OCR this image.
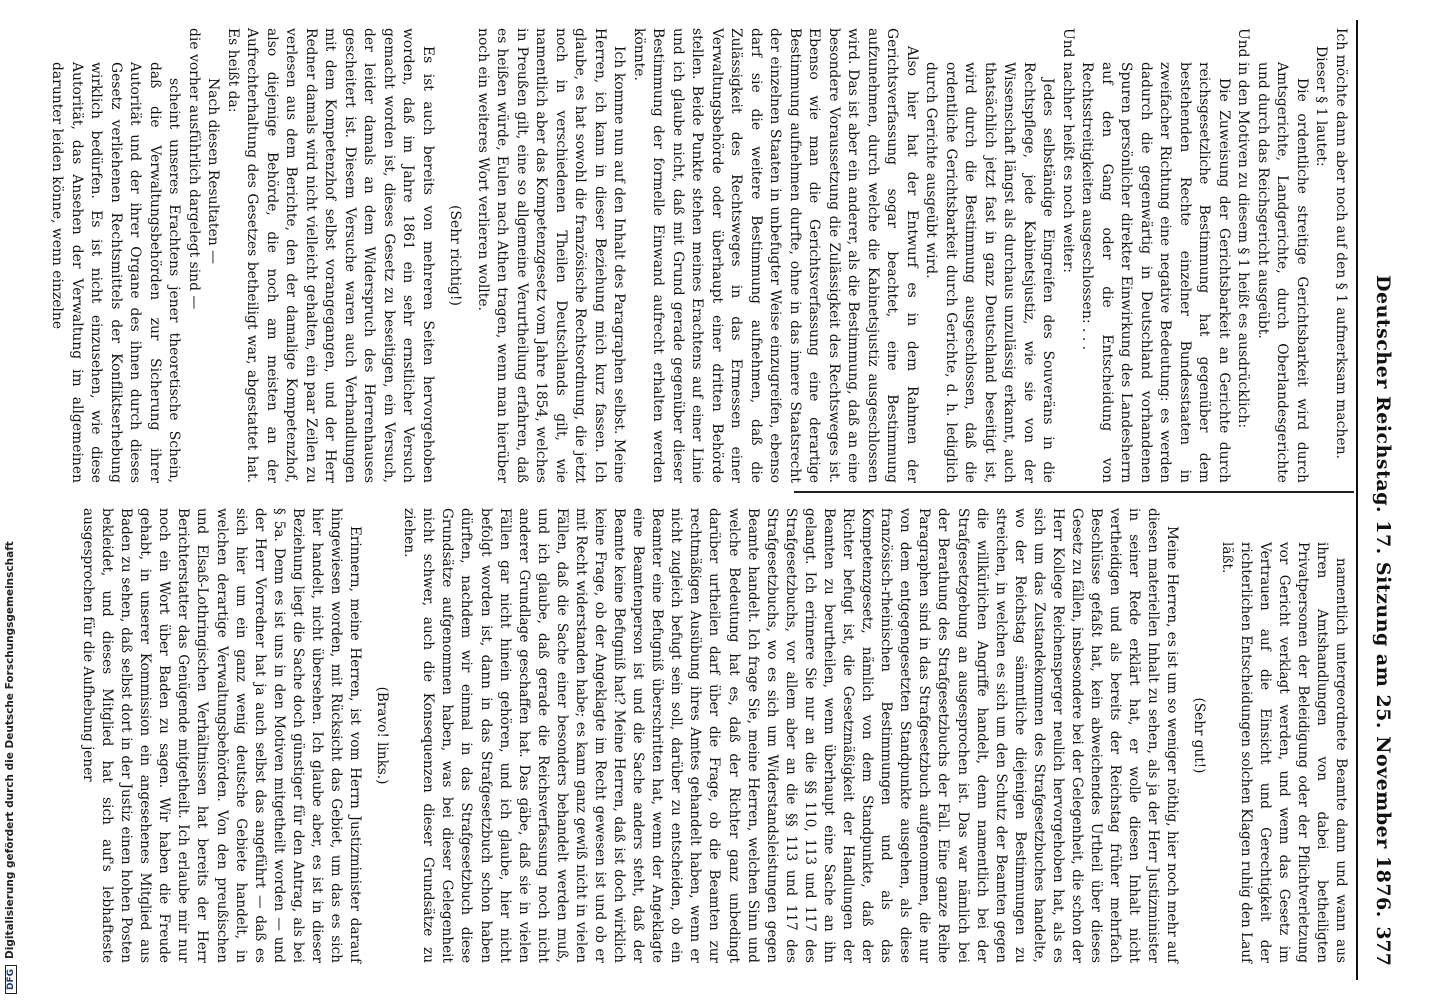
Deutscher Reichstag. 17. Sitzung am 25. November 1876.
377

Ich möchte dann aber noch auf den § 1 aufmerksam machen.

Dieser § 1 lautet:

Die ordentliche streitige Gerichtsbarkeit wird durch Amtsgerichte, Landgerichte, durch Oberlandesgerichte und durch das Reichsgericht ausgeübt.

Und in den Motiven zu diesem § 1 heißt es ausdrücklich:

Die Zuweisung der Gerichtsbarkeit an Gerichte durch reichsgesetzliche Bestimmung hat gegenüber dem bestehenden Rechte einzelner Bundesstaaten in zweifacher Richtung eine negative Bedeutung: es werden dadurch die gegenwärtig in Deutschland vorhandenen Spuren persönlicher direkter Einwirkung des Landesherrn auf den Gang oder die Entscheidung von Rechtsstreitigkeiten ausgeschlossen: . . .

Und nachher heißt es noch weiter:

Jedes selbständige Eingreifen des Souveräns in die Rechtspflege, jede Kabinetsjustiz, wie sie von der Wissenschaft längst als durchaus unzulässig erkannt, auch thatsächlich jetzt fast in ganz Deutschland beseitigt ist, wird durch die Bestimmung ausgeschlossen, daß die ordentliche Gerichtsbarkeit durch Gerichte, d. h. lediglich durch Gerichte ausgeübt wird.

Also hier hat der Entwurf es in dem Rahmen der Gerichtsverfassung sogar beachtet, eine Bestimmung aufzunehmen, durch welche die Kabinetsjustiz ausgeschlossen wird. Das ist aber ein anderer, als die Bestimmung, daß an eine besondere Voraussetzung die Zulässigkeit des Rechtsweges ist. Ebenso wie man die Gerichtsverfassung eine derartige Bestimmung aufnehmen durfte, ohne in das innere Staatsrecht der einzelnen Staaten in unbefugter Weise einzugreifen, ebenso darf sie die weitere Bestimmung aufnehmen, daß die Zulässigkeit des Rechtsweges in das Ermessen einer Verwaltungsbehörde oder überhaupt einer dritten Behörde stellen. Beide Punkte stehen meines Erachtens auf einer Linie und ich glaube nicht, daß mit Grund gerade gegenüber dieser Bestimmung der formelle Einwand aufrecht erhalten werden könnte.

Ich komme nun auf den Inhalt des Paragraphen selbst. Meine Herren, ich kann in dieser Beziehung mich kurz fassen. Ich glaube, es hat sowohl die französische Rechtsordnung, die jetzt noch in verschiedenen Theilen Deutschlands gilt, wie namentlich aber das Kompetenzgesetz vom Jahre 1854, welches in Preußen gilt, eine so allgemeine Verurtheilung erfahren, daß es heißen würde, Eulen nach Athen tragen, wenn man hierüber noch ein weiteres Wort verlieren wollte.

(Sehr richtig!)

Es ist auch bereits von mehreren Seiten hervorgehoben worden, daß im Jahre 1861 ein sehr ernstlicher Versuch gemacht worden ist, dieses Gesetz zu beseitigen, ein Versuch, der leider damals an dem Widerspruch des Herrenhauses gescheitert ist. Diesem Versuche waren auch Verhandlungen mit dem Kompetenzhof selbst vorangegangen, und der Herr Redner damals wird nicht vielleicht gehalten, ein paar Zeilen zu verlesen aus dem Berichte, den der damalige Kompetenzhof, also diejenige Behörde, die noch am meisten an der Aufrechterhaltung des Gesetzes betheiligt war, abgestattet hat. Es heißt da:

Nach diesen Resultaten —

die vorher ausführlich dargelegt sind —

scheint unseres Erachtens jener theoretische Schein, daß die Verwaltungsbehörden zur Sicherung ihrer Autorität und der ihrer Organe des ihnen durch dieses Gesetz verliehenen Rechtsmittels der Konfliktserhebung wirklich bedürfen. Es ist nicht einzusehen, wie diese Autorität, das Ansehen der Verwaltung im allgemeinen darunter leiden könne, wenn einzelne

namentlich untergeordnete Beamte dann und wann aus ihren Amtshandlungen von dabei betheiligten Privatpersonen der Beleidigung oder der Pflichtverletzung vor Gericht verklagt werden, und wenn das Gesetz im Vertrauen auf die Einsicht und Gerechtigkeit der richterlichen Entscheidungen solchen Klagen ruhig den Lauf läßt.

(Sehr gut!)

Meine Herren, es ist um so weniger nöthig, hier noch mehr auf diesen materiellen Inhalt zu sehen, als ja der Herr Justizminister in seiner Rede erklärt hat, er wolle diesen Inhalt nicht vertheidigen und als bereits der Reichstag früher mehrfach Beschlüsse gefaßt hat, kein abweichendes Urtheil über dieses Gesetz zu fällen, insbesondere bei der Gelegenheit, die schon der Herr Kollege Reichensperger neulich hervorgehoben hat, als es sich um das Zustandekommen des Strafgesetzbuches handelte, wo der Reichstag sämmtliche diejenigen Bestimmungen zu streichen, in welchen es sich um den Schutz der Beamten gegen die willkürlichen Angriffe handelt, denn namentlich bei der Strafgesetzgebung an ausgesprochen ist. Das war nämlich bei der Berathung des Strafgesetzbuchs der Fall. Eine ganze Reihe Paragraphen sind in das Strafgesetzbuch aufgenommen, die nur von dem entgegengesetzten Standpunkte ausgehen, als diese französisch-rheinischen Bestimmungen und als das Kompetenzgesetz, nämlich von dem Standpunkte, daß der Richter befugt ist, die Gesetzmäßigkeit der Handlungen der Beamten zu beurtheilen, wenn überhaupt eine Sache an ihn gelangt. Ich erinnere Sie nur an die §§ 110, 113 und 117 des Strafgesetzbuchs, vor allem aber an die §§ 113 und 117 des Strafgesetzbuchs, wo es sich um Widerstandsleistungen gegen Beamte handelt. Ich frage Sie, meine Herren, welchen Sinn und welche Bedeutung hat es, daß der Richter ganz unbedingt darüber urtheilen darf über die Frage, ob die Beamten zur rechtmäßigen Ausübung ihres Amtes gehandelt haben, wenn er nicht zugleich befugt sein soll, darüber zu entscheiden, ob ein Beamter eine Befugniß überschritten hat, wenn der Angeklagte eine Beamtenperson ist und die Sache anders steht, daß der Beamte keine Befugniß hat? Meine Herren, daß ist doch wirklich keine Frage, ob der Angeklagte im Recht gewesen ist und ob er mit Recht widerstanden habe; es kann ganz gewiß nicht in vielen Fällen, daß die Sache einer besonders behandelt werden muß, und ich glaube, daß gerade die Reichsverfassung noch nicht anderer Grundlage geschaffen hat. Das gäbe, daß sie in vielen Fällen gar nicht hinein gehören, und ich glaube, hier nicht befolgt worden ist, dann in das Strafgesetzbuch schon haben dürften, nachdem wir einmal in das Strafgesetzbuch diese Grundsätze aufgenommen haben, was bei dieser Gelegenheit nicht schwer, auch die Konsequenzen dieser Grundsätze zu ziehen.

(Bravo! links.)

Erinnern, meine Herren, ist vom Herrn Justizminister darauf hingewiesen worden, mit Rücksicht das Gebiet, um das es sich hier handelt, nicht übersehen. Ich glaube aber, es ist in dieser Beziehung liegt die Sache doch günstiger für den Antrag, als bei § 5a. Denn es ist uns in den Motiven mitgetheilt worden — und der Herr Vorredner hat ja auch selbst das angeführt — daß es sich hier um ein ganz wenig deutsche Gebiete handelt, in welchen derartige Verwaltungsbehörden. Von den preußischen und Elsaß-Lothringischen Verhältnissen hat bereits der Herr Berichterstatter das Genügende mitgetheilt. Ich erlaube mir nur noch ein Wort über Baden zu sagen. Wir haben die Freude gehabt, in unserer Kommission ein angesehenes Mitglied aus Baden zu sehen, daß selbst dort in der Justiz einen hohen Posten bekleidet, und dieses Mitglied hat sich auf's lebhafteste ausgesprochen für die Aufhebung jener

DFGDigitalisierung gefördert durch die Deutsche Forschungsgemeinschaft
